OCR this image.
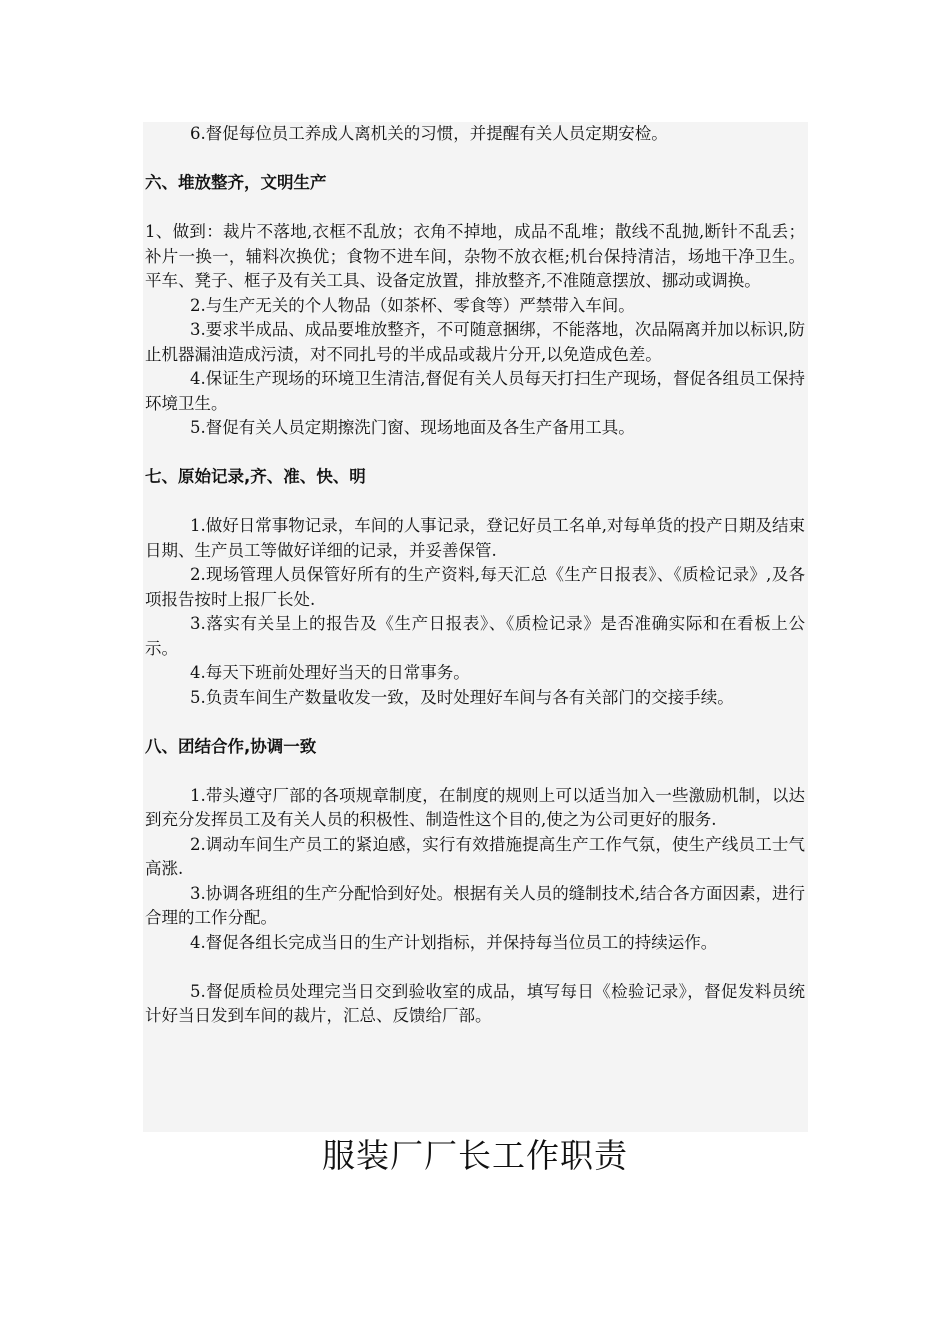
6.督促每位员工养成人离机关的习惯，并提醒有关人员定期安检。

六、堆放整齐，文明生产

1、做到：裁片不落地,衣框不乱放；衣角不掉地，成品不乱堆；散线不乱抛,断针不乱丢；补片一换一，辅料次换优；食物不进车间，杂物不放衣框;机台保持清洁，场地干净卫生。平车、凳子、框子及有关工具、设备定放置，排放整齐,不准随意摆放、挪动或调换。

2.与生产无关的个人物品（如茶杯、零食等）严禁带入车间。

3.要求半成品、成品要堆放整齐，不可随意捆绑，不能落地，次品隔离并加以标识,防止机器漏油造成污渍，对不同扎号的半成品或裁片分开,以免造成色差。

4.保证生产现场的环境卫生清洁,督促有关人员每天打扫生产现场，督促各组员工保持环境卫生。

5.督促有关人员定期擦洗门窗、现场地面及各生产备用工具。

七、原始记录,齐、准、快、明

1.做好日常事物记录，车间的人事记录，登记好员工名单,对每单货的投产日期及结束日期、生产员工等做好详细的记录，并妥善保管.

2.现场管理人员保管好所有的生产资料,每天汇总《生产日报表》、《质检记录》,及各项报告按时上报厂长处.

3.落实有关呈上的报告及《生产日报表》、《质检记录》是否准确实际和在看板上公示。

4.每天下班前处理好当天的日常事务。

5.负责车间生产数量收发一致，及时处理好车间与各有关部门的交接手续。

八、团结合作,协调一致

1.带头遵守厂部的各项规章制度，在制度的规则上可以适当加入一些激励机制，以达到充分发挥员工及有关人员的积极性、制造性这个目的,使之为公司更好的服务.

2.调动车间生产员工的紧迫感，实行有效措施提高生产工作气氛，使生产线员工士气高涨.

3.协调各班组的生产分配恰到好处。根据有关人员的缝制技术,结合各方面因素，进行合理的工作分配。

4.督促各组长完成当日的生产计划指标，并保持每当位员工的持续运作。

5.督促质检员处理完当日交到验收室的成品，填写每日《检验记录》，督促发料员统计好当日发到车间的裁片，汇总、反馈给厂部。

服装厂厂长工作职责
